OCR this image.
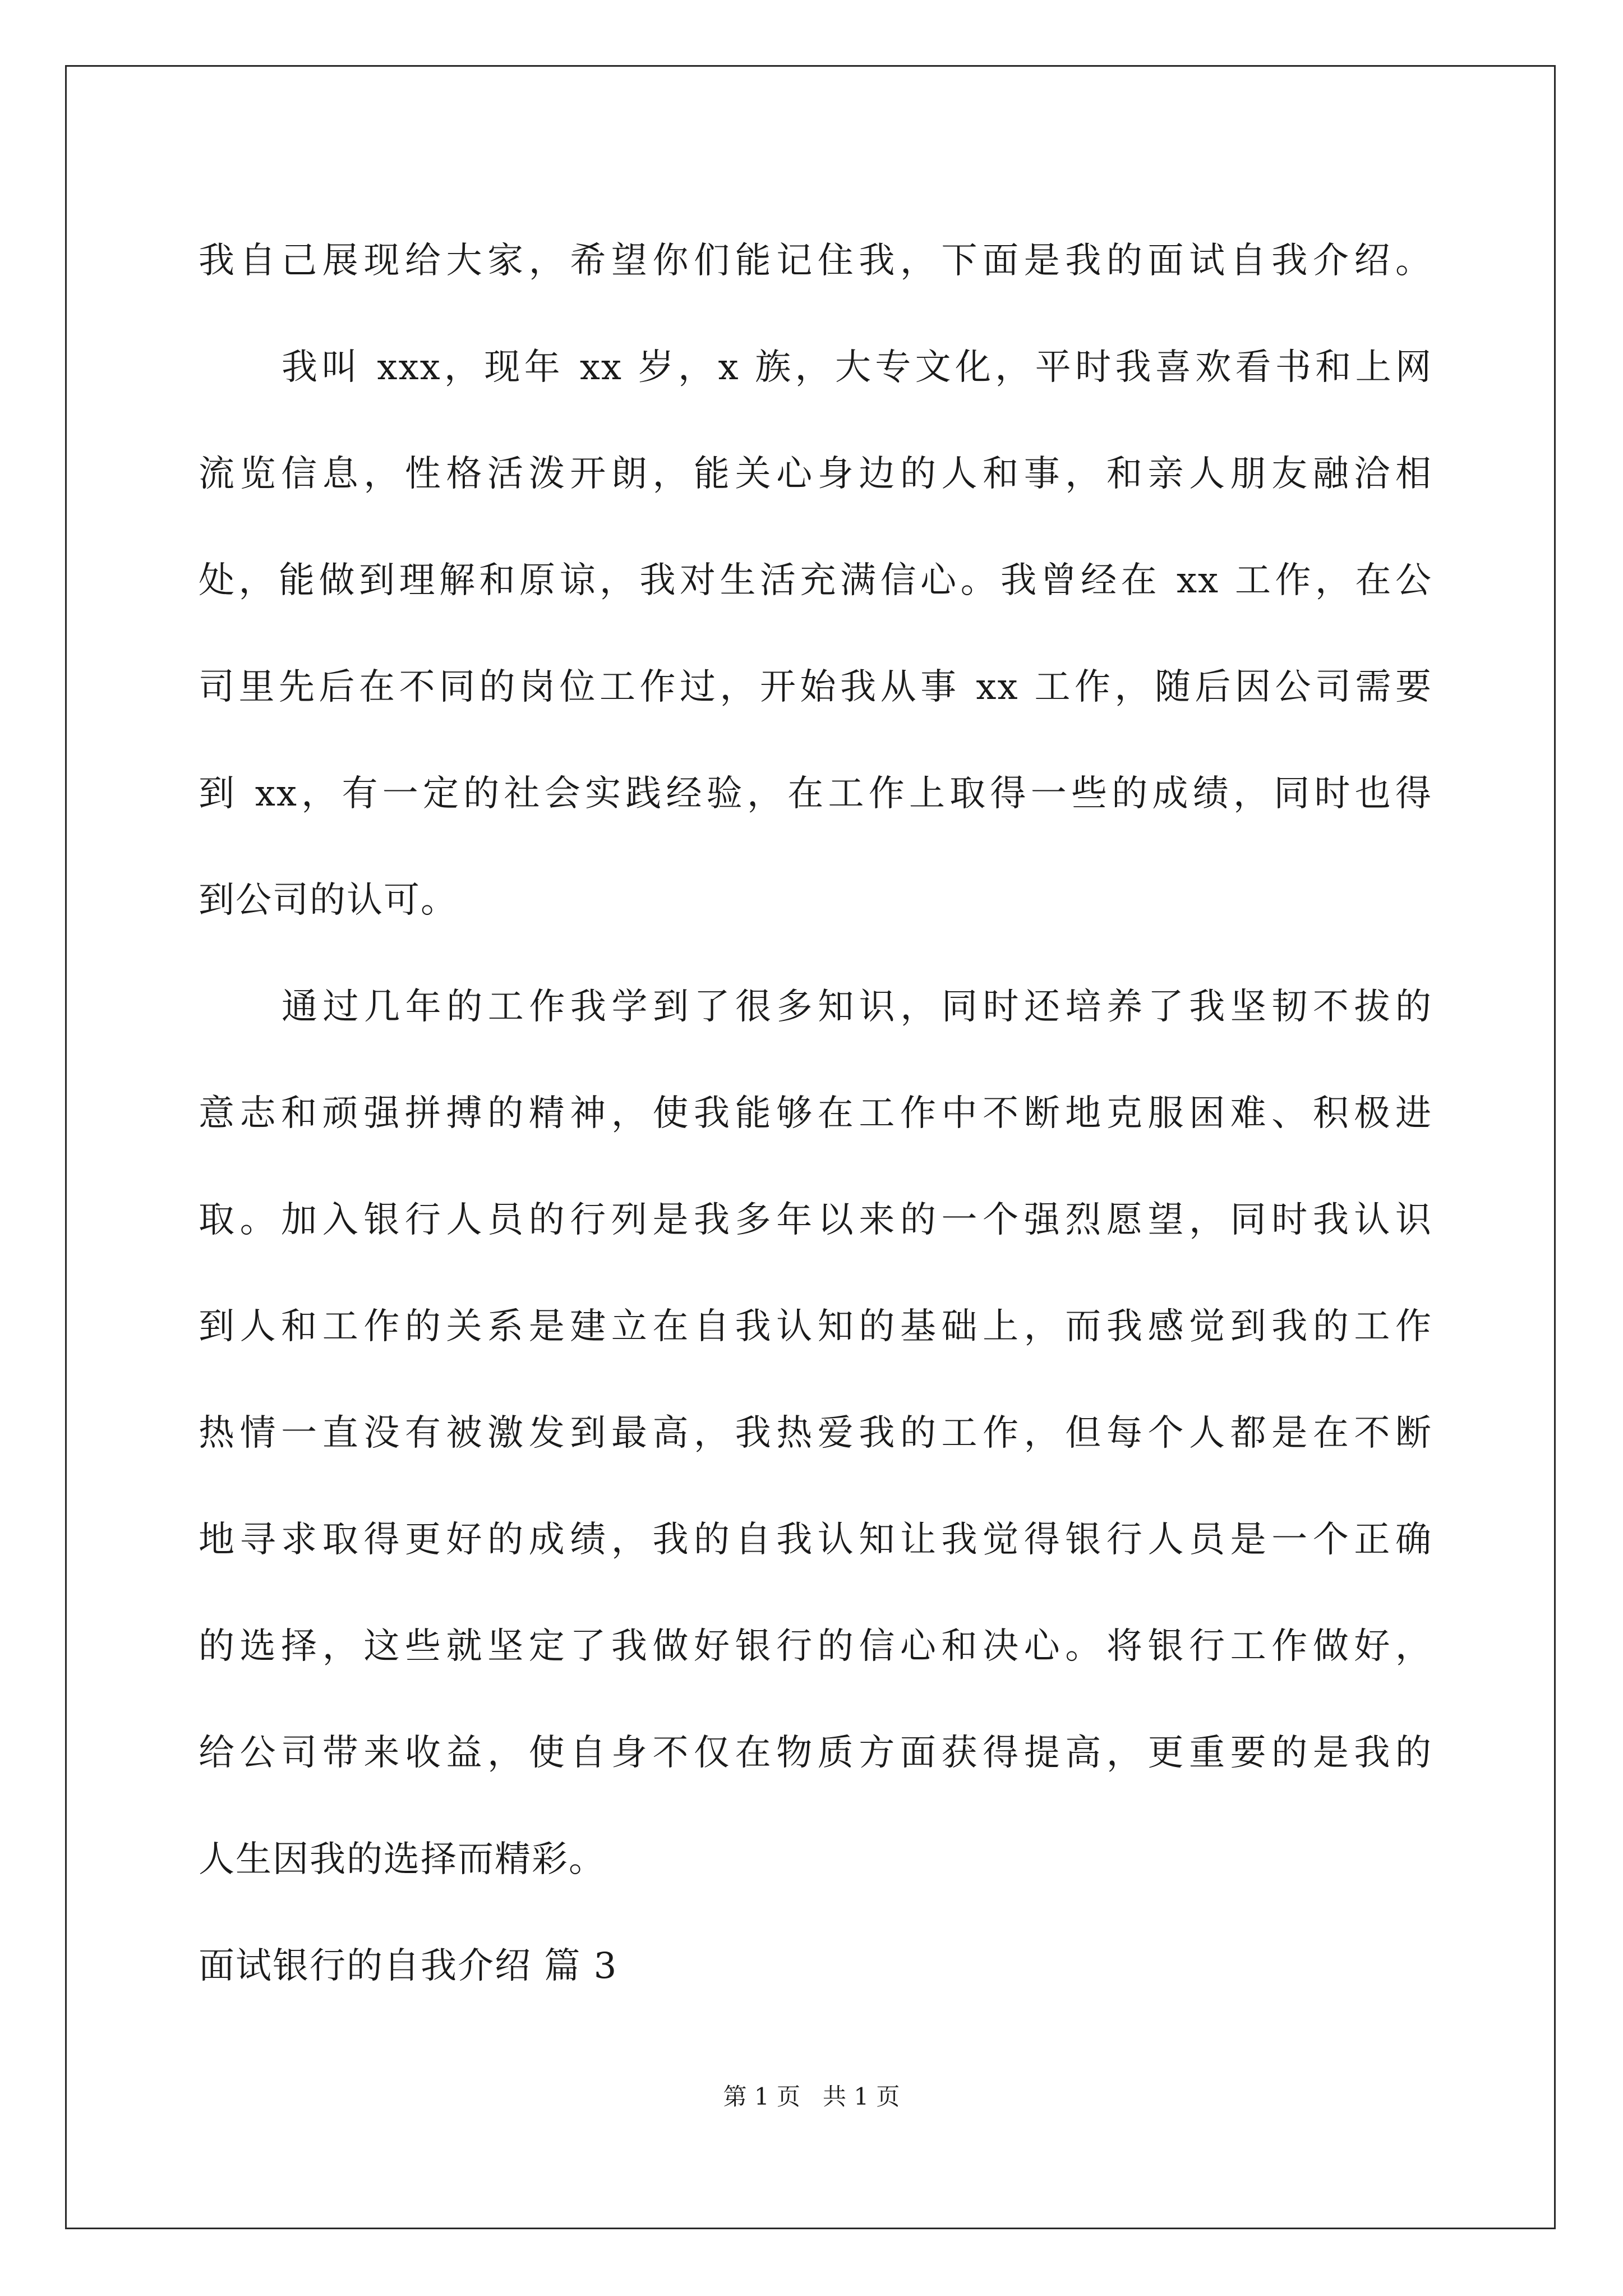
我自己展现给大家，希望你们能记住我，下面是我的面试自我介绍。
我叫 xxx，现年 xx 岁，x 族，大专文化，平时我喜欢看书和上网
流览信息，性格活泼开朗，能关心身边的人和事，和亲人朋友融洽相
处，能做到理解和原谅，我对生活充满信心。我曾经在 xx 工作，在公
司里先后在不同的岗位工作过，开始我从事 xx 工作，随后因公司需要
到 xx，有一定的社会实践经验，在工作上取得一些的成绩，同时也得
到公司的认可。
通过几年的工作我学到了很多知识，同时还培养了我坚韧不拔的
意志和顽强拼搏的精神，使我能够在工作中不断地克服困难、积极进
取。加入银行人员的行列是我多年以来的一个强烈愿望，同时我认识
到人和工作的关系是建立在自我认知的基础上，而我感觉到我的工作
热情一直没有被激发到最高，我热爱我的工作，但每个人都是在不断
地寻求取得更好的成绩，我的自我认知让我觉得银行人员是一个正确
的选择，这些就坚定了我做好银行的信心和决心。将银行工作做好，
给公司带来收益，使自身不仅在物质方面获得提高，更重要的是我的
人生因我的选择而精彩。
面试银行的自我介绍 篇 3
第 1 页 共 1 页
